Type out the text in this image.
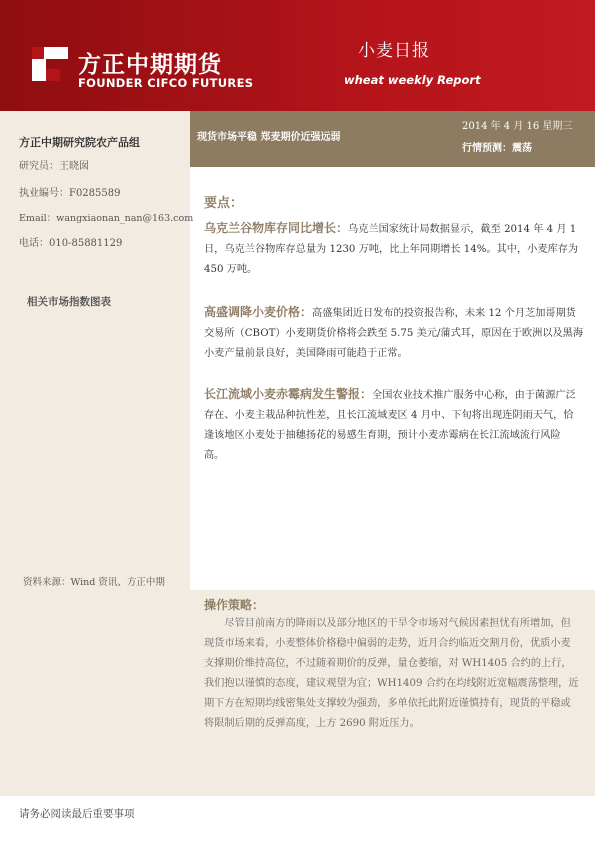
方正中期期货
FOUNDER CIFCO FUTURES
小麦日报
wheat weekly Report
方正中期研究院农产品组
研究员：王晓囡
执业编号：F0285589
Email：wangxiaonan_nan@163.com
电话：010-85881129
相关市场指数图表
资料来源：Wind 资讯、方正中期
现货市场平稳 郑麦期价近强远弱
2014 年 4 月 16 星期三
行情预测：震荡
要点：
乌克兰谷物库存同比增长：乌克兰国家统计局数据显示，截至 2014 年 4 月 1
日，乌克兰谷物库存总量为 1230 万吨，比上年同期增长 14%。其中，小麦库存为
450 万吨。
高盛调降小麦价格：高盛集团近日发布的投资报告称，未来 12 个月芝加哥期货
交易所（CBOT）小麦期货价格将会跌至 5.75 美元/蒲式耳，原因在于欧洲以及黑海
小麦产量前景良好，美国降雨可能趋于正常。
长江流域小麦赤霉病发生警报：全国农业技术推广服务中心称，由于菌源广泛
存在、小麦主栽品种抗性差，且长江流域麦区 4 月中、下旬将出现连阴雨天气，恰
逢该地区小麦处于抽穗扬花的易感生育期，预计小麦赤霉病在长江流域流行风险
高。
操作策略：
尽管目前南方的降雨以及部分地区的干旱令市场对气候因素担忧有所增加，但现货市场来看，小麦整体价格稳中偏弱的走势，近月合约临近交割月份，优质小麦支撑期价维持高位，不过随着期价的反弹，量仓萎缩，对 WH1405 合约的上行，我们抱以谨慎的态度，建议观望为宜；WH1409 合约在均线附近宽幅震荡整理，近期下方在短期均线密集处支撑较为强劲，多单依托此附近谨慎持有，现货的平稳或将限制后期的反弹高度，上方 2690 附近压力。
请务必阅读最后重要事项
